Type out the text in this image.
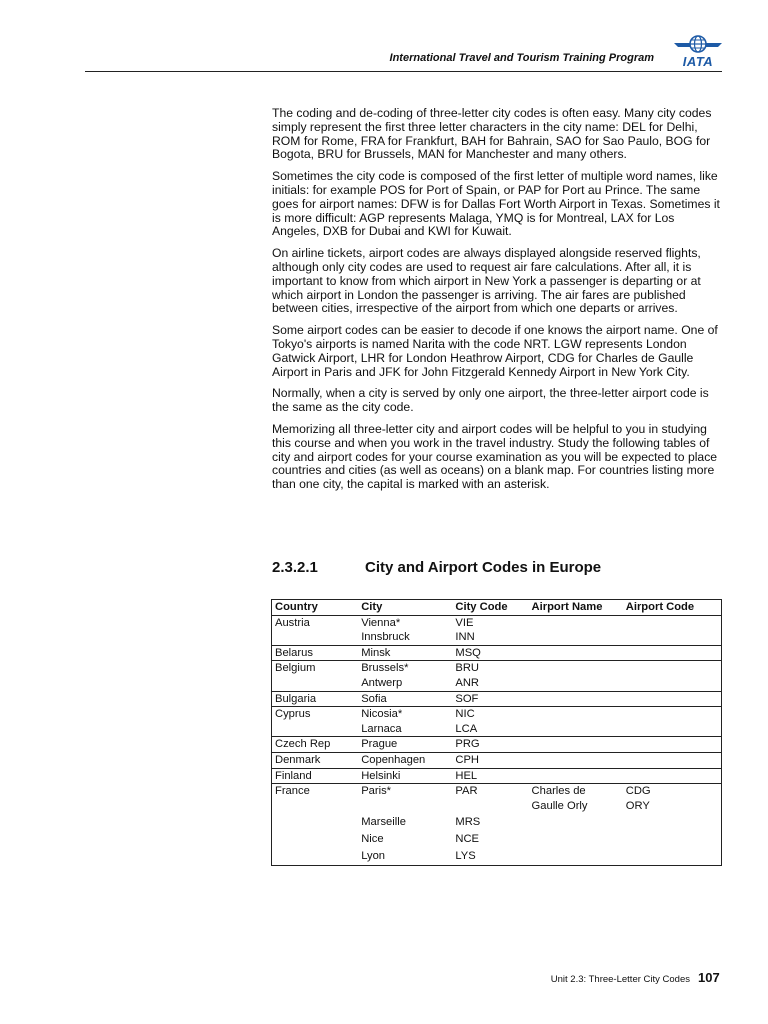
International Travel and Tourism Training Program	IATA

The coding and de-coding of three-letter city codes is often easy. Many city codes simply represent the first three letter characters in the city name: DEL for Delhi, ROM for Rome, FRA for Frankfurt, BAH for Bahrain, SAO for Sao Paulo, BOG for Bogota, BRU for Brussels, MAN for Manchester and many others.

Sometimes the city code is composed of the first letter of multiple word names, like initials: for example POS for Port of Spain, or PAP for Port au Prince. The same goes for airport names: DFW is for Dallas Fort Worth Airport in Texas. Sometimes it is more difficult: AGP represents Malaga, YMQ is for Montreal, LAX for Los Angeles, DXB for Dubai and KWI for Kuwait.

On airline tickets, airport codes are always displayed alongside reserved flights, although only city codes are used to request air fare calculations. After all, it is important to know from which airport in New York a passenger is departing or at which airport in London the passenger is arriving. The air fares are published between cities, irrespective of the airport from which one departs or arrives.

Some airport codes can be easier to decode if one knows the airport name. One of Tokyo's airports is named Narita with the code NRT. LGW represents London Gatwick Airport, LHR for London Heathrow Airport, CDG for Charles de Gaulle Airport in Paris and JFK for John Fitzgerald Kennedy Airport in New York City.

Normally, when a city is served by only one airport, the three-letter airport code is the same as the city code.

Memorizing all three-letter city and airport codes will be helpful to you in studying this course and when you work in the travel industry. Study the following tables of city and airport codes for your course examination as you will be expected to place countries and cities (as well as oceans) on a blank map. For countries listing more than one city, the capital is marked with an asterisk.

2.3.2.1	City and Airport Codes in Europe
Country	City	City Code	Airport Name	Airport Code
Austria	Vienna*	VIE		
	Innsbruck	INN		
Belarus	Minsk	MSQ		
Belgium	Brussels*	BRU		
	Antwerp	ANR		
Bulgaria	Sofia	SOF		
Cyprus	Nicosia*	NIC		
	Larnaca	LCA		
Czech Rep	Prague	PRG		
Denmark	Copenhagen	CPH		
Finland	Helsinki	HEL		
France	Paris*	PAR	Charles de	CDG
			Gaulle Orly	ORY
	Marseille	MRS		
	Nice	NCE		
	Lyon	LYS		
Unit 2.3: Three-Letter City Codes 107
